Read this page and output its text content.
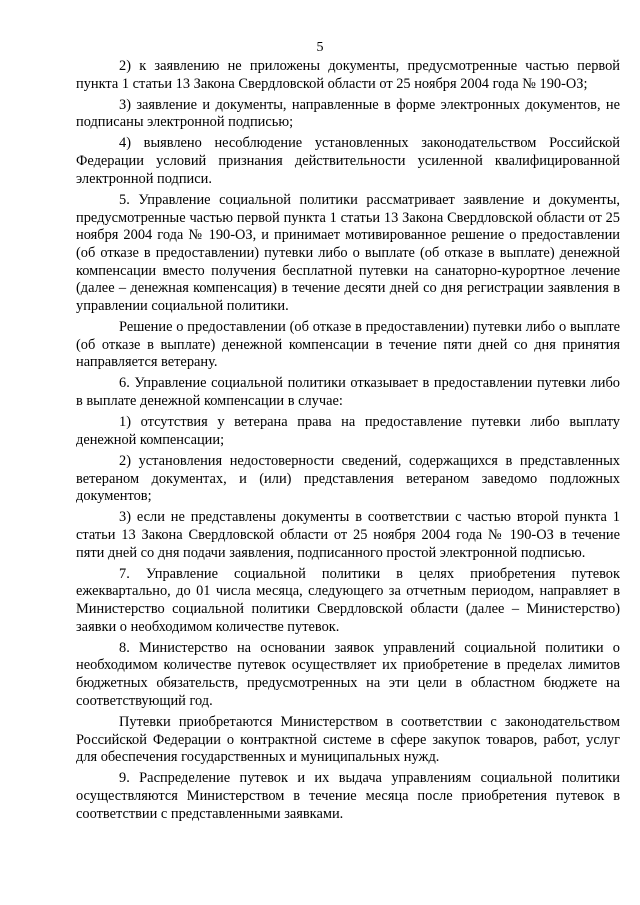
5

2) к заявлению не приложены документы, предусмотренные частью первой пункта 1 статьи 13 Закона Свердловской области от 25 ноября 2004 года № 190-ОЗ;

3) заявление и документы, направленные в форме электронных документов, не подписаны электронной подписью;

4) выявлено несоблюдение установленных законодательством Российской Федерации условий признания действительности усиленной квалифицированной электронной подписи.

5. Управление социальной политики рассматривает заявление и документы, предусмотренные частью первой пункта 1 статьи 13 Закона Свердловской области от 25 ноября 2004 года № 190-ОЗ, и принимает мотивированное решение о предоставлении (об отказе в предоставлении) путевки либо о выплате (об отказе в выплате) денежной компенсации вместо получения бесплатной путевки на санаторно-курортное лечение (далее – денежная компенсация) в течение десяти дней со дня регистрации заявления в управлении социальной политики.

Решение о предоставлении (об отказе в предоставлении) путевки либо о выплате (об отказе в выплате) денежной компенсации в течение пяти дней со дня принятия направляется ветерану.

6. Управление социальной политики отказывает в предоставлении путевки либо в выплате денежной компенсации в случае:

1) отсутствия у ветерана права на предоставление путевки либо выплату денежной компенсации;

2) установления недостоверности сведений, содержащихся в представленных ветераном документах, и (или) представления ветераном заведомо подложных документов;

3) если не представлены документы в соответствии с частью второй пункта 1 статьи 13 Закона Свердловской области от 25 ноября 2004 года № 190-ОЗ в течение пяти дней со дня подачи заявления, подписанного простой электронной подписью.

7. Управление социальной политики в целях приобретения путевок ежеквартально, до 01 числа месяца, следующего за отчетным периодом, направляет в Министерство социальной политики Свердловской области (далее – Министерство) заявки о необходимом количестве путевок.

8. Министерство на основании заявок управлений социальной политики о необходимом количестве путевок осуществляет их приобретение в пределах лимитов бюджетных обязательств, предусмотренных на эти цели в областном бюджете на соответствующий год.

Путевки приобретаются Министерством в соответствии с законодательством Российской Федерации о контрактной системе в сфере закупок товаров, работ, услуг для обеспечения государственных и муниципальных нужд.

9. Распределение путевок и их выдача управлениям социальной политики осуществляются Министерством в течение месяца после приобретения путевок в соответствии с представленными заявками.
